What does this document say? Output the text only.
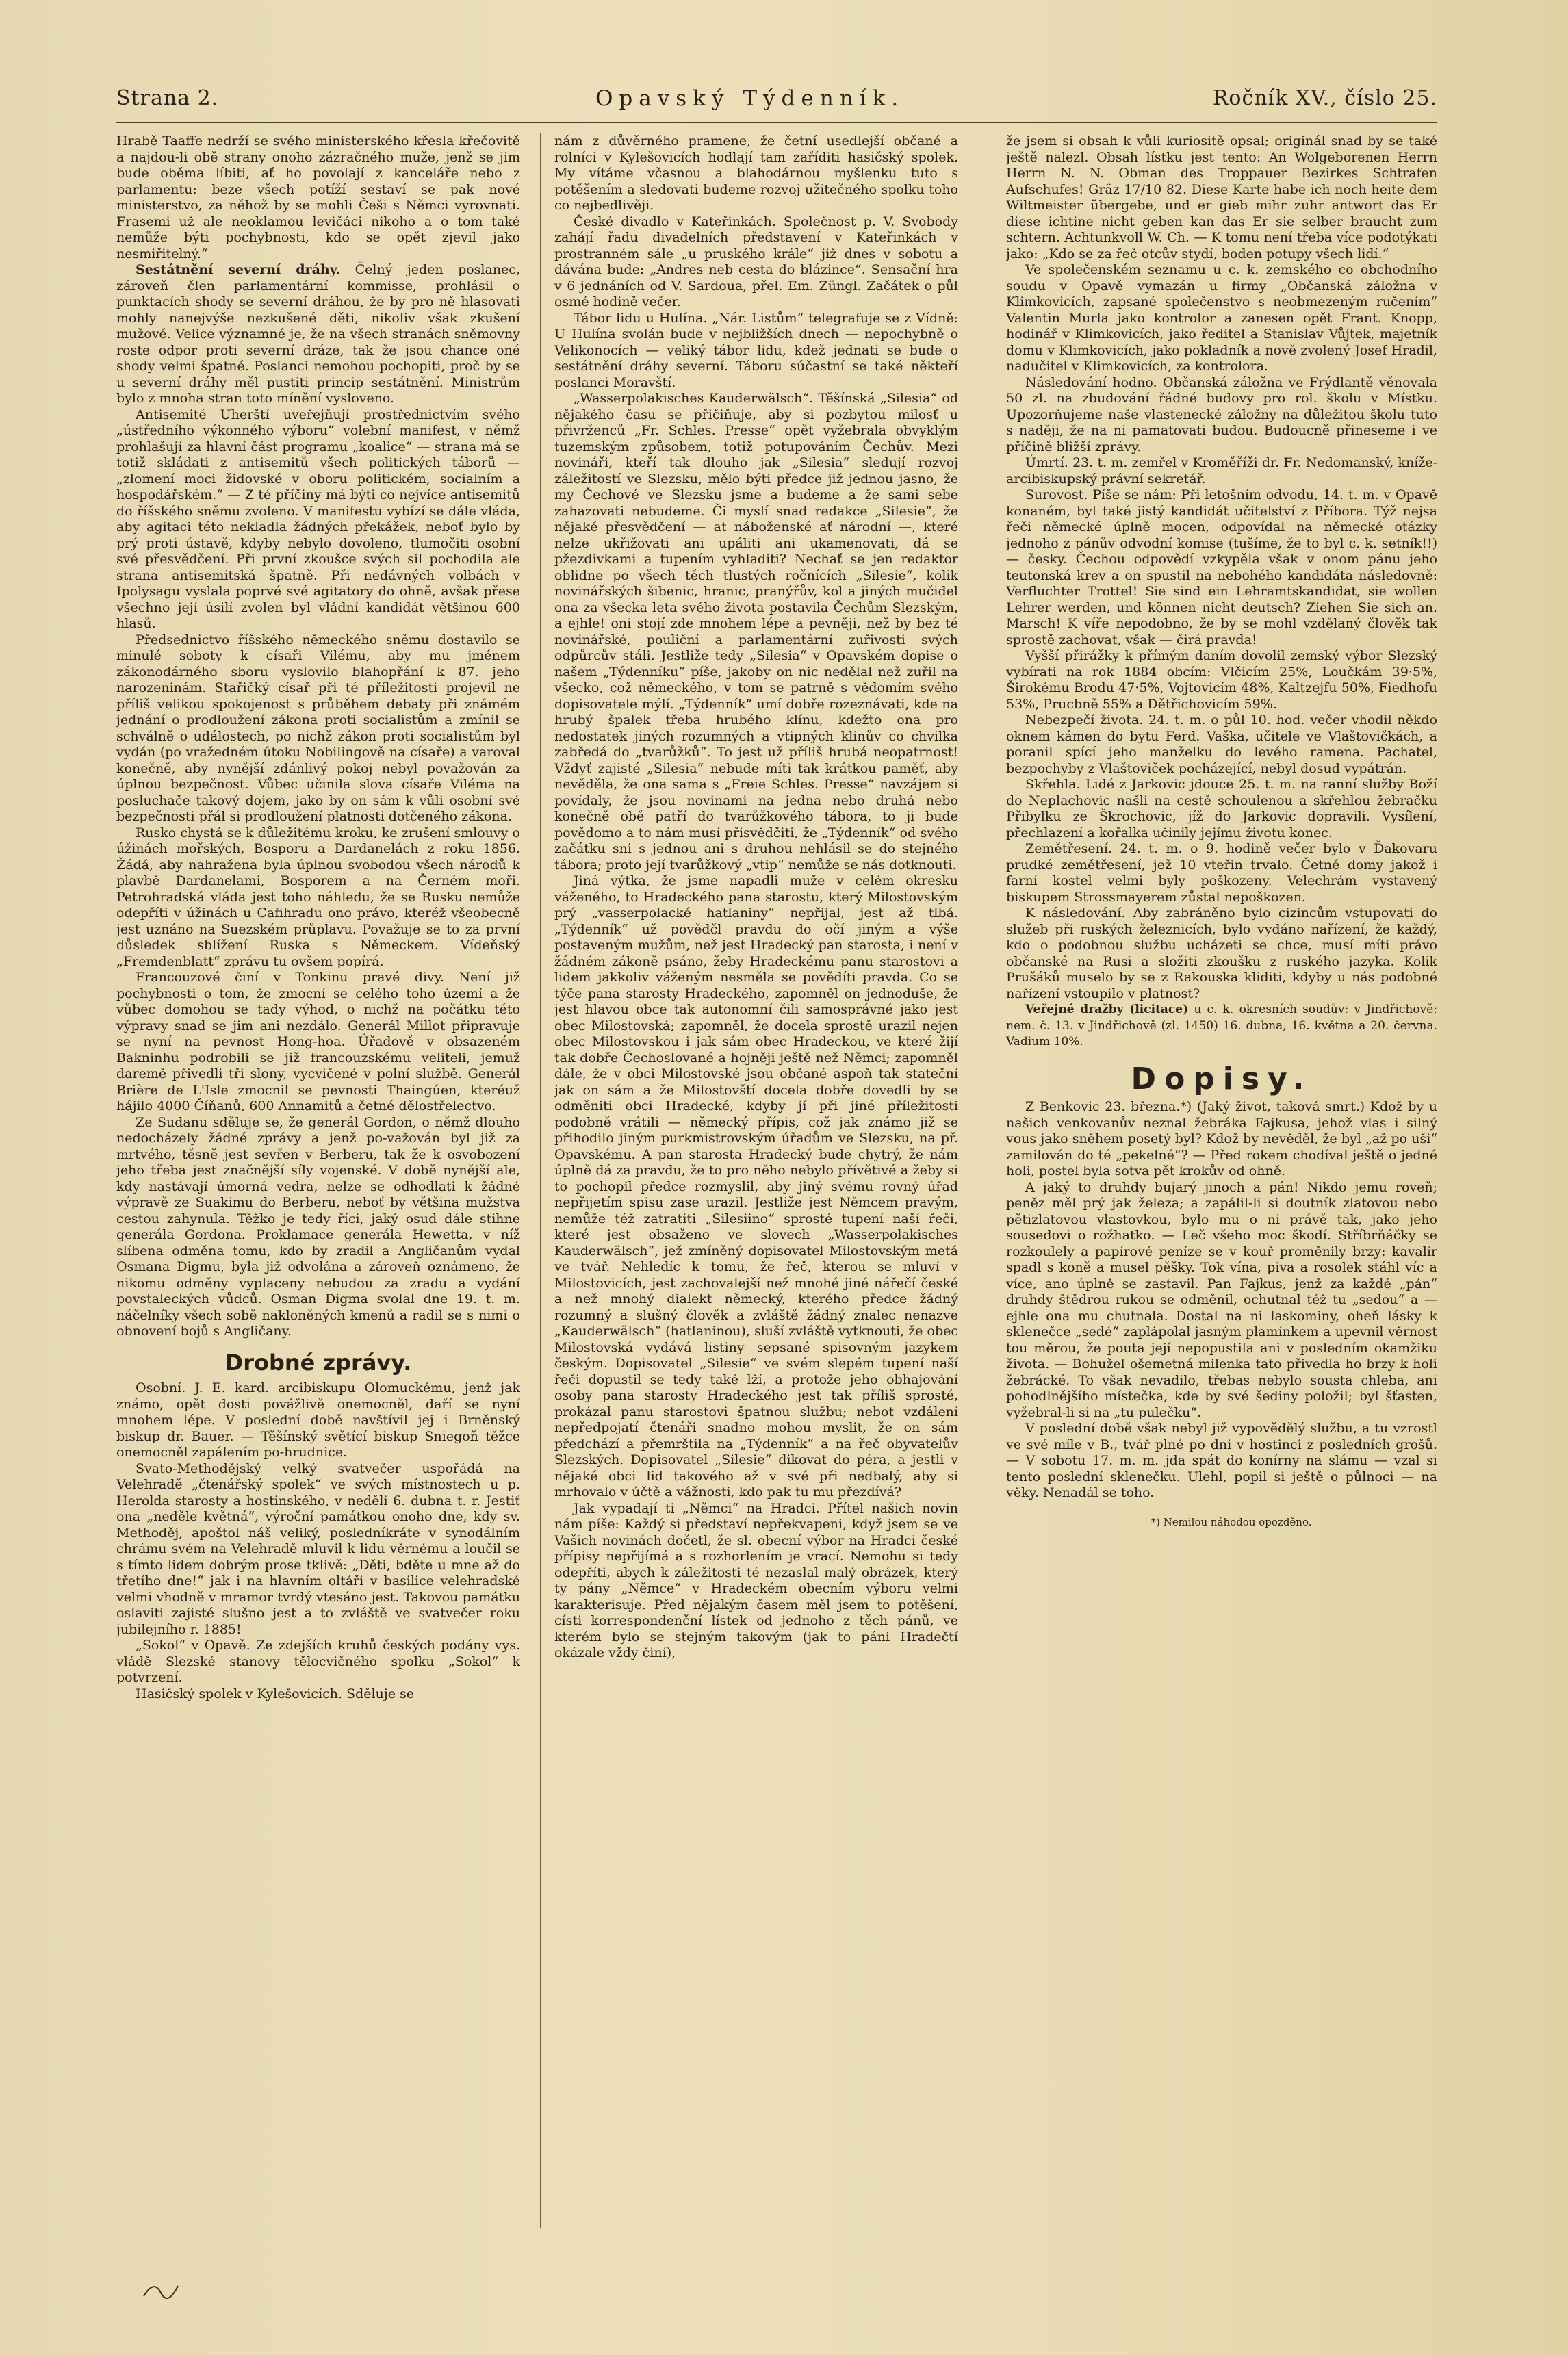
Strana 2.	Opavský Týdenník.	Ročník XV., číslo 25.

Hrabě Taaffe nedrží se svého ministerského křesla křečovitě a najdou-li obě strany onoho zázračného muže, jenž se jim bude oběma líbiti, ať ho povolají z kanceláře nebo z parlamentu: beze všech potíží sestaví se pak nové ministerstvo, za něhož by se mohli Češi s Němci vyrovnati. Frasemi už ale neoklamou levičáci nikoho a o tom také nemůže býti pochybnosti, kdo se opět zjevil jako nesmiřitelný.“

Sestátnění severní dráhy. Čelný jeden poslanec, zároveň člen parlamentární kommisse, prohlásil o punktacích shody se severní dráhou, že by pro ně hlasovati mohly nanejvýše nezkušené děti, nikoliv však zkušení mužové. Velice významné je, že na všech stranách sněmovny roste odpor proti severní dráze, tak že jsou chance oné shody velmi špatné. Poslanci nemohou pochopiti, proč by se u severní dráhy měl pustiti princip sestátnění. Ministrům bylo z mnoha stran toto mínění vysloveno.

Antisemité Uherští uveřejňují prostřednictvím svého „ústředního výkonného výboru“ volební manifest, v němž prohlašují za hlavní část programu „koalice“ — strana má se totiž skládati z antisemitů všech politických táborů — „zlomení moci židovské v oboru politickém, socialním a hospodářském.“ — Z té příčiny má býti co nejvíce antisemitů do říšského sněmu zvoleno. V manifestu vybízí se dále vláda, aby agitaci této nekladla žádných překážek, neboť bylo by prý proti ústavě, kdyby nebylo dovoleno, tlumočiti osobní své přesvědčení. Při první zkoušce svých sil pochodila ale strana antisemitská špatně. Při nedávných volbách v Ipolysagu vyslala poprvé své agitatory do ohně, avšak přese všechno její úsilí zvolen byl vládní kandidát většinou 600 hlasů.

Předsednictvo říšského německého sněmu dostavilo se minulé soboty k císaři Vilému, aby mu jménem zákonodárného sboru vyslovilo blahopřání k 87. jeho narozeninám. Stařičký císař při té příležitosti projevil ne příliš velikou spokojenost s průběhem debaty při známém jednání o prodloužení zákona proti socialistům a zmínil se schválně o událostech, po nichž zákon proti socialistům byl vydán (po vražedném útoku Nobilingově na císaře) a varoval konečně, aby nynější zdánlivý pokoj nebyl považován za úplnou bezpečnost. Vůbec učinila slova císaře Viléma na posluchače takový dojem, jako by on sám k vůli osobní své bezpečnosti přál si prodloužení platnosti dotčeného zákona.

Rusko chystá se k důležitému kroku, ke zrušení smlouvy o úžinách mořských, Bosporu a Dardanelách z roku 1856. Žádá, aby nahražena byla úplnou svobodou všech národů k plavbě Dardanelami, Bosporem a na Černém moři. Petrohradská vláda jest toho náhledu, že se Rusku nemůže odepříti v úžinách u Cafihradu ono právo, kteréž všeobecně jest uznáno na Suezském průplavu. Považuje se to za první důsledek sblížení Ruska s Německem. Vídeňský „Fremdenblatt“ zprávu tu ovšem popírá.

Francouzové činí v Tonkinu pravé divy. Není již pochybnosti o tom, že zmocní se celého toho území a že vůbec domohou se tady výhod, o nichž na počátku této výpravy snad se jim ani nezdálo. Generál Millot připravuje se nyní na pevnost Hong-hoa. Úřadově v obsazeném Bakninhu podrobili se již francouzskému veliteli, jemuž daremě přivedli tři slony, vycvičené v polní službě. Generál Brière de L'Isle zmocnil se pevnosti Thaingúen, kteréuž hájilo 4000 Číňanů, 600 Annamitů a četné dělostřelectvo.

Ze Sudanu sděluje se, že generál Gordon, o němž dlouho nedocházely žádné zprávy a jenž po-važován byl již za mrtvého, těsně jest sevřen v Berberu, tak že k osvobození jeho třeba jest značnější síly vojenské. V době nynější ale, kdy nastávají úmorná vedra, nelze se odhodlati k žádné výpravě ze Suakimu do Berberu, neboť by většina mužstva cestou zahynula. Těžko je tedy říci, jaký osud dále stihne generála Gordona. Proklamace generála Hewetta, v níž slíbena odměna tomu, kdo by zradil a Angličanům vydal Osmana Digmu, byla již odvolána a zároveň oznámeno, že nikomu odměny vyplaceny nebudou za zradu a vydání povstaleckých vůdců. Osman Digma svolal dne 19. t. m. náčelníky všech sobě nakloněných kmenů a radil se s nimi o obnovení bojů s Angličany.

Drobné zprávy.

Osobní. J. E. kard. arcibiskupu Olomuckému, jenž jak známo, opět dosti povážlivě onemocněl, daří se nyní mnohem lépe. V poslední době navštívil jej i Brněnský biskup dr. Bauer. — Těšínský světící biskup Sniegoň těžce onemocněl zapálením po-hrudnice.

Svato-Methodějský velký svatvečer uspořádá na Velehradě „čtenářský spolek“ ve svých místnostech u p. Herolda starosty a hostinského, v neděli 6. dubna t. r. Jestiť ona „neděle květná“, výroční památkou onoho dne, kdy sv. Methoděj, apoštol náš veliký, posledníkráte v synodálním chrámu svém na Velehradě mluvil k lidu věrnému a loučil se s tímto lidem dobrým prose tklivě: „Děti, bděte u mne až do třetího dne!“ jak i na hlavním oltáři v basilice velehradské velmi vhodně v mramor tvrdý vtesáno jest. Takovou památku oslaviti zajisté slušno jest a to zvláště ve svatvečer roku jubilejního r. 1885!

„Sokol“ v Opavě. Ze zdejších kruhů českých podány vys. vládě Slezské stanovy tělocvičného spolku „Sokol“ k potvrzení.

Hasičský spolek v Kylešovicích. Sděluje se

nám z důvěrného pramene, že četní usedlejší občané a rolníci v Kylešovicích hodlají tam zaříditi hasičský spolek. My vítáme včasnou a blahodárnou myšlenku tuto s potěšením a sledovati budeme rozvoj užitečného spolku toho co nejbedlivěji.

České divadlo v Kateřinkách. Společnost p. V. Svobody zahájí řadu divadelních představení v Kateřinkách v prostranném sále „u pruského krále“ již dnes v sobotu a dávána bude: „Andres neb cesta do blázince“. Sensační hra v 6 jednáních od V. Sardoua, přel. Em. Züngl. Začátek o půl osmé hodině večer.

Tábor lidu u Hulína. „Nár. Listům“ telegrafuje se z Vídně: U Hulína svolán bude v nejbližších dnech — nepochybně o Velikonocích — veliký tábor lidu, kdež jednati se bude o sestátnění dráhy severní. Táboru súčastní se také někteří poslanci Moravští.

„Wasserpolakisches Kauderwälsch“. Těšínská „Silesia“ od nějakého času se přičiňuje, aby si pozbytou milosť u přivrženců „Fr. Schles. Presse“ opět vyžebrala obvyklým tuzemským způsobem, totiž potupováním Čechův. Mezi novináři, kteří tak dlouho jak „Silesia“ sledují rozvoj záležitostí ve Slezsku, mělo býti předce již jednou jasno, že my Čechové ve Slezsku jsme a budeme a že sami sebe zahazovati nebudeme. Či myslí snad redakce „Silesie“, že nějaké přesvědčení — at náboženské ať národní —, které nelze ukřižovati ani upáliti ani ukamenovati, dá se pžezdivkami a tupením vyhladiti? Nechať se jen redaktor oblidne po všech těch tlustých ročnících „Silesie“, kolik novinářských šibenic, hranic, pranýřův, kol a jiných mučidel ona za všecka leta svého života postavila Čechům Slezským, a ejhle! oni stojí zde mnohem lépe a pevněji, než by bez té novinářské, pouliční a parlamentární zuřivosti svých odpůrcův stáli. Jestliže tedy „Silesia“ v Opavském dopise o našem „Týdenníku“ píše, jakoby on nic nedělal než zuřil na všecko, což německého, v tom se patrně s vědomím svého dopisovatele mýlí. „Týdenník“ umí dobře rozeznávati, kde na hrubý špalek třeba hrubého klínu, kdežto ona pro nedostatek jiných rozumných a vtipných klinův co chvilka zabředá do „tvarůžků“. To jest už příliš hrubá neopatrnost! Vždyť zajisté „Silesia“ nebude míti tak krátkou paměť, aby nevěděla, že ona sama s „Freie Schles. Presse“ navzájem si povídaly, že jsou novinami na jedna nebo druhá nebo konečně obě patří do tvarůžkového tábora, to ji bude povědomo a to nám musí přisvědčiti, že „Týdenník“ od svého začátku sni s jednou ani s druhou nehlásil se do stejného tábora; proto její tvarůžkový „vtip“ nemůže se nás dotknouti.

Jiná výtka, že jsme napadli muže v celém okresku váženého, to Hradeckého pana starostu, který Milostovským prý „vasserpolacké hatlaniny“ nepřijal, jest až tlbá. „Týdenník“ už povědčl pravdu do očí jiným a výše postaveným mužům, než jest Hradecký pan starosta, i není v žádném zákoně psáno, žeby Hradeckému panu starostovi a lidem jakkoliv váženým nesměla se povědíti pravda. Co se týče pana starosty Hradeckého, zapomněl on jednoduše, že jest hlavou obce tak autonomní čili samosprávné jako jest obec Milostovská; zapomněl, že docela sprostě urazil nejen obec Milostovskou i jak sám obec Hradeckou, ve které žijí tak dobře Čechoslované a hojněji ještě než Němci; zapomněl dále, že v obci Milostovské jsou občané aspoň tak stateční jak on sám a že Milostovští docela dobře dovedli by se odměniti obci Hradecké, kdyby jí při jiné příležitosti podobně vrátili — německý přípis, což jak známo již se přihodilo jiným purkmistrovským úřadům ve Slezsku, na př. Opavskému. A pan starosta Hradecký bude chytrý, že nám úplně dá za pravdu, že to pro něho nebylo přívětivé a žeby si to pochopil předce rozmyslil, aby jiný svému rovný úřad nepřijetím spisu zase urazil. Jestliže jest Němcem pravým, nemůže též zatratiti „Silesiino“ sprosté tupení naší řeči, které jest obsaženo ve slovech „Wasserpolakisches Kauderwälsch“, jež zmíněný dopisovatel Milostovským metá ve tvář. Nehledíc k tomu, že řeč, kterou se mluví v Milostovicích, jest zachovalejší než mnohé jiné nářečí české a než mnohý dialekt německý, kterého předce žádný rozumný a slušný člověk a zvláště žádný znalec nenazve „Kauderwälsch“ (hatlaninou), sluší zvláště vytknouti, že obec Milostovská vydává listiny sepsané spisovným jazykem českým. Dopisovatel „Silesie“ ve svém slepém tupení naší řeči dopustil se tedy také lží, a protože jeho obhajování osoby pana starosty Hradeckého jest tak příliš sprosté, prokázal panu starostovi špatnou službu; nebot vzdálení nepředpojatí čtenáři snadno mohou myslit, že on sám předchází a přemrštila na „Týdenník“ a na řeč obyvatelův Slezských. Dopisovatel „Silesie“ dikovat do péra, a jestli v nějaké obci lid takového až v své při nedbalý, aby si mrhovalo v účtě a vážnosti, kdo pak tu mu přezdívá?

Jak vypadají ti „Němci“ na Hradci. Přítel našich novin nám píše: Každý si představí nepřekvapeni, když jsem se ve Vašich novinách dočetl, že sl. obecní výbor na Hradci české přípisy nepřijímá a s rozhorlením je vrací. Nemohu si tedy odepříti, abych k záležitosti té nezaslal malý obrázek, který ty pány „Němce“ v Hradeckém obecním výboru velmi karakterisuje. Před nějakým časem měl jsem to potěšení, císti korrespondenční lístek od jednoho z těch pánů, ve kterém bylo se stejným takovým (jak to páni Hradečtí okázale vždy činí),

že jsem si obsah k vůli kuriositě opsal; originál snad by se také ještě nalezl. Obsah lístku jest tento: An Wolgeborenen Herrn Herrn N. N. Obman des Troppauer Bezirkes Schtrafen Aufschufes! Gräz 17/10 82. Diese Karte habe ich noch heite dem Wiltmeister übergebe, und er gieb mihr zuhr antwort das Er diese ichtine nicht geben kan das Er sie selber braucht zum schtern. Achtunkvoll W. Ch. — K tomu není třeba více podotýkati jako: „Kdo se za řeč otcův stydí, boden potupy všech lidí.“

Ve společenském seznamu u c. k. zemského co obchodního soudu v Opavě vymazán u firmy „Občanská záložna v Klimkovicích, zapsané společenstvo s neobmezeným ručením“ Valentin Murla jako kontrolor a zanesen opět Frant. Knopp, hodinář v Klimkovicích, jako ředitel a Stanislav Vůjtek, majetník domu v Klimkovicích, jako pokladník a nově zvolený Josef Hradil, nadučitel v Klimkovicích, za kontrolora.

Následování hodno. Občanská záložna ve Frýdlantě věnovala 50 zl. na zbudování řádné budovy pro rol. školu v Místku. Upozorňujeme naše vlastenecké záložny na důležitou školu tuto s naději, že na ni pamatovati budou. Budoucně přineseme i ve příčině bližší zprávy.

Úmrtí. 23. t. m. zemřel v Kroměříži dr. Fr. Nedomanský, kníže-arcibiskupský právní sekretář.

Surovost. Píše se nám: Při letošním odvodu, 14. t. m. v Opavě konaném, byl také jistý kandidát učitelství z Příbora. Týž nejsa řeči německé úplně mocen, odpovídal na německé otázky jednoho z pánův odvodní komise (tušíme, že to byl c. k. setník!!) — česky. Čechou odpovědí vzkypěla však v onom pánu jeho teutonská krev a on spustil na nebohého kandidáta následovně: Verfluchter Trottel! Sie sind ein Lehramtskandidat, sie wollen Lehrer werden, und können nicht deutsch? Ziehen Sie sich an. Marsch! K víře nepodobno, že by se mohl vzdělaný člověk tak sprostě zachovat, však — čirá pravda!

Vyšší přirážky k přímým daním dovolil zemský výbor Slezský vybírati na rok 1884 obcím: Vlčicím 25%, Loučkám 39·5%, Širokému Brodu 47·5%, Vojtovicím 48%, Kaltzejfu 50%, Fiedhofu 53%, Prucbně 55% a Dětřichovicím 59%.

Nebezpečí života. 24. t. m. o půl 10. hod. večer vhodil někdo oknem kámen do bytu Ferd. Vaška, učitele ve Vlaštovičkách, a poranil spící jeho manželku do levého ramena. Pachatel, bezpochyby z Vlaštoviček pocházející, nebyl dosud vypátrán.

Skřehla. Lidé z Jarkovic jdouce 25. t. m. na ranní služby Boží do Neplachovic našli na cestě schoulenou a skřehlou žebračku Přibylku ze Škrochovic, jíž do Jarkovic dopravili. Vysílení, přechlazení a kořalka učinily jejímu životu konec.

Zemětřesení. 24. t. m. o 9. hodině večer bylo v Ďakovaru prudké zemětřesení, jež 10 vteřin trvalo. Četné domy jakož i farní kostel velmi byly poškozeny. Velechrám vystavený biskupem Strossmayerem zůstal nepoškozen.

K následování. Aby zabráněno bylo cizincům vstupovati do služeb při ruských železnicích, bylo vydáno nařízení, že každý, kdo o podobnou službu ucházeti se chce, musí míti právo občanské na Rusi a složiti zkoušku z ruského jazyka. Kolik Prušáků muselo by se z Rakouska kliditi, kdyby u nás podobné nařízení vstoupilo v platnost?

Veřejné dražby (licitace) u c. k. okresních soudův: v Jindřichově: nem. č. 13. v Jindřichově (zl. 1450) 16. dubna, 16. května a 20. června. Vadium 10%.

Dopisy.

Z Benkovic 23. března.*) (Jaký život, taková smrt.) Kdož by u našich venkovanův neznal žebráka Fajkusa, jehož vlas i silný vous jako sněhem posetý byl? Kdož by nevěděl, že byl „až po uši“ zamilován do té „pekelné“? — Před rokem chodíval ještě o jedné holi, postel byla sotva pět krokův od ohně.

A jaký to druhdy bujarý jinoch a pán! Nikdo jemu roveň; peněz měl prý jak železa; a zapálil-li si doutník zlatovou nebo pětizlatovou vlastovkou, bylo mu o ni právě tak, jako jeho sousedovi o rožhatko. — Leč všeho moc škodí. Stříbrňáčky se rozkoulely a papírové peníze se v kouř proměnily brzy: kavalír spadl s koně a musel pěšky. Tok vína, piva a rosolek stáhl víc a více, ano úplně se zastavil. Pan Fajkus, jenž za každé „pán“ druhdy štědrou rukou se odměnil, ochutnal též tu „sedou“ a — ejhle ona mu chutnala. Dostal na ni laskominy, oheň lásky k sklenečce „sedé“ zaplápolal jasným plamínkem a upevnil věrnost tou měrou, že pouta její nepopustila ani v posledním okamžiku života. — Bohužel ošemetná milenka tato přivedla ho brzy k holi žebrácké. To však nevadilo, třebas nebylo sousta chleba, ani pohodlnějšího místečka, kde by své šediny položil; byl šťasten, vyžebral-li si na „tu pulečku“.

V poslední době však nebyl již vypovědělý službu, a tu vzrostl ve své míle v B., tvář plné po dni v hostinci z posledních grošů. — V sobotu 17. m. m. jda spát do konírny na slámu — vzal si tento poslední sklenečku. Ulehl, popil si ještě o půlnoci — na věky. Nenadál se toho.

*) Nemilou náhodou opozděno.
